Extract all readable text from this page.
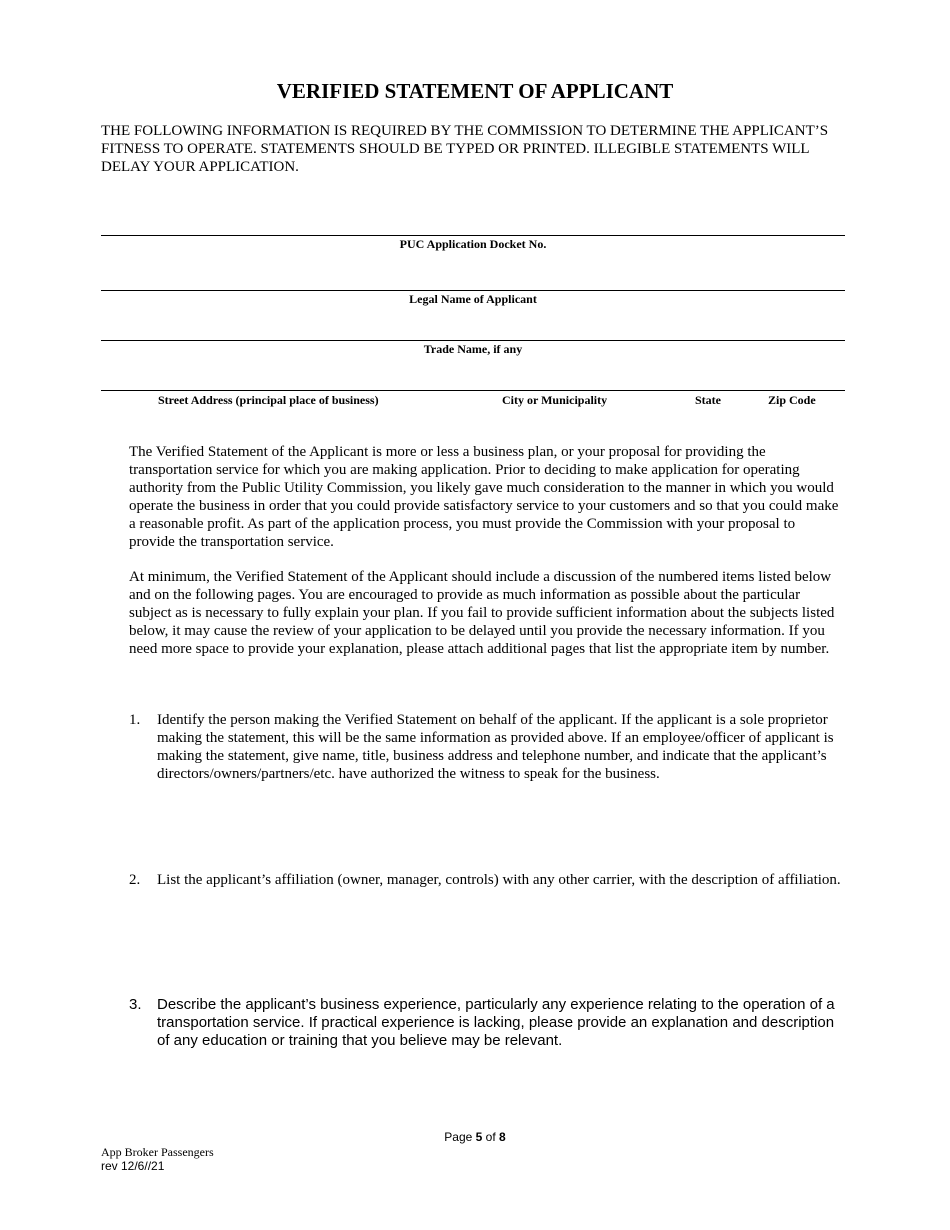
VERIFIED STATEMENT OF APPLICANT
THE FOLLOWING INFORMATION IS REQUIRED BY THE COMMISSION TO DETERMINE THE APPLICANT’S FITNESS TO OPERATE. STATEMENTS SHOULD BE TYPED OR PRINTED. ILLEGIBLE STATEMENTS WILL DELAY YOUR APPLICATION.
PUC Application Docket No.
Legal Name of Applicant
Trade Name, if any
Street Address (principal place of business)	City or Municipality	State	Zip Code
The Verified Statement of the Applicant is more or less a business plan, or your proposal for providing the transportation service for which you are making application. Prior to deciding to make application for operating authority from the Public Utility Commission, you likely gave much consideration to the manner in which you would operate the business in order that you could provide satisfactory service to your customers and so that you could make a reasonable profit. As part of the application process, you must provide the Commission with your proposal to provide the transportation service.
At minimum, the Verified Statement of the Applicant should include a discussion of the numbered items listed below and on the following pages. You are encouraged to provide as much information as possible about the particular subject as is necessary to fully explain your plan. If you fail to provide sufficient information about the subjects listed below, it may cause the review of your application to be delayed until you provide the necessary information. If you need more space to provide your explanation, please attach additional pages that list the appropriate item by number.
1. Identify the person making the Verified Statement on behalf of the applicant. If the applicant is a sole proprietor making the statement, this will be the same information as provided above. If an employee/officer of applicant is making the statement, give name, title, business address and telephone number, and indicate that the applicant’s directors/owners/partners/etc. have authorized the witness to speak for the business.
2. List the applicant’s affiliation (owner, manager, controls) with any other carrier, with the description of affiliation.
3. Describe the applicant’s business experience, particularly any experience relating to the operation of a transportation service. If practical experience is lacking, please provide an explanation and description of any education or training that you believe may be relevant.
Page 5 of 8
App Broker Passengers
rev 12/6//21
